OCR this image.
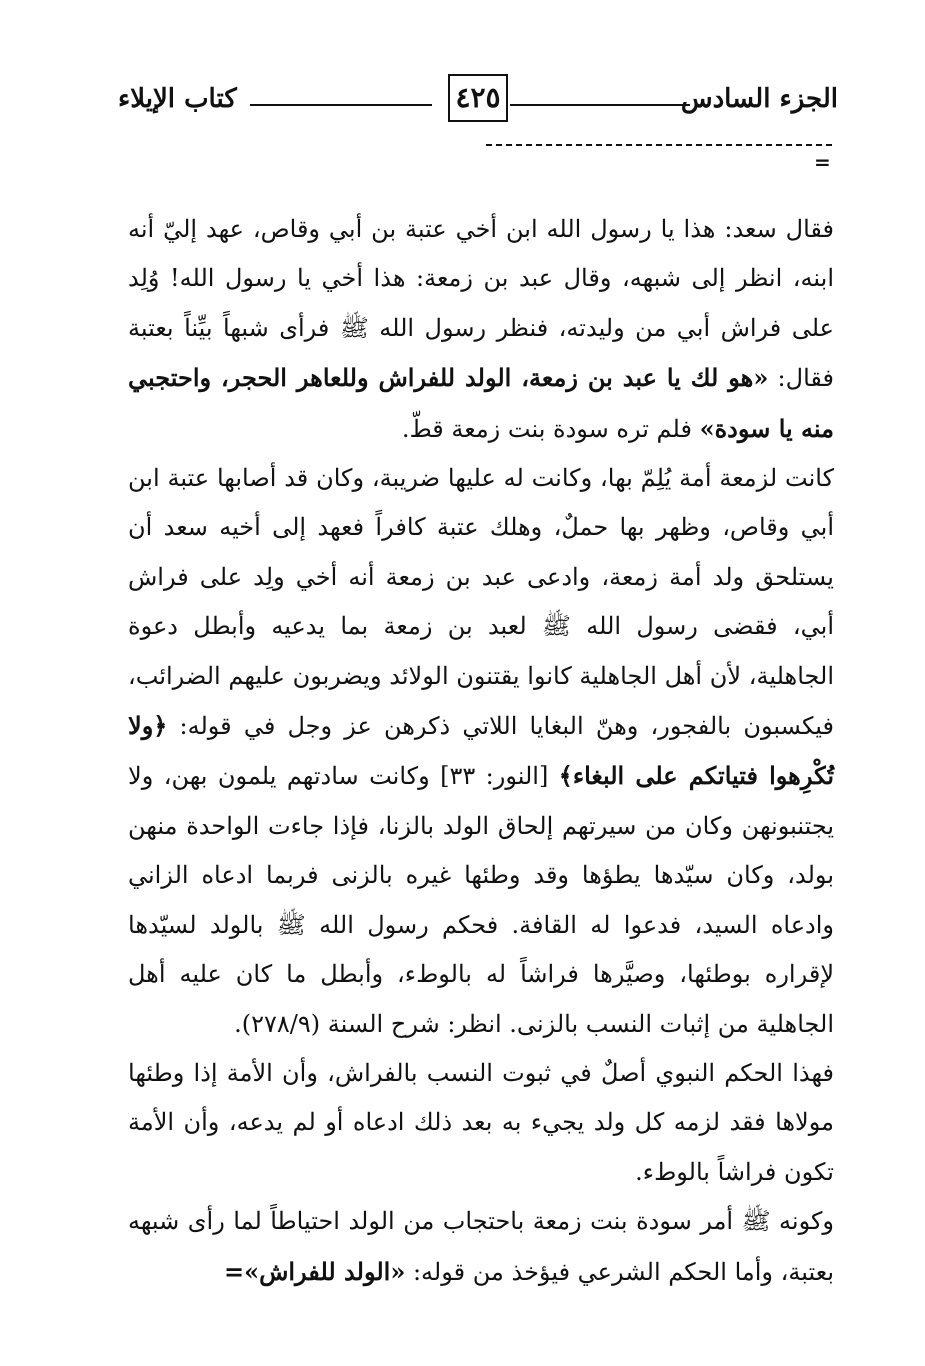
الجزء السادس
٤٢٥
كتاب الإيلاء
=

فقال سعد: هذا يا رسول الله ابن أخي عتبة بن أبي وقاص، عهد إليّ أنه ابنه، انظر إلى شبهه، وقال عبد بن زمعة: هذا أخي يا رسول الله! وُلِد على فراش أبي من وليدته، فنظر رسول الله ﷺ فرأى شبهاً بيِّناً بعتبة فقال: «هو لك يا عبد بن زمعة، الولد للفراش وللعاهر الحجر، واحتجبي منه يا سودة» فلم تره سودة بنت زمعة قطّ.

كانت لزمعة أمة يُلِمّ بها، وكانت له عليها ضريبة، وكان قد أصابها عتبة ابن أبي وقاص، وظهر بها حملٌ، وهلك عتبة كافراً فعهد إلى أخيه سعد أن يستلحق ولد أمة زمعة، وادعى عبد بن زمعة أنه أخي ولِد على فراش أبي، فقضى رسول الله ﷺ لعبد بن زمعة بما يدعيه وأبطل دعوة الجاهلية، لأن أهل الجاهلية كانوا يقتنون الولائد ويضربون عليهم الضرائب، فيكسبون بالفجور، وهنّ البغايا اللاتي ذكرهن عز وجل في قوله: ﴿ولا تُكْرِهوا فتياتكم على البغاء﴾ [النور: ٣٣] وكانت سادتهم يلمون بهن، ولا يجتنبونهن وكان من سيرتهم إلحاق الولد بالزنا، فإذا جاءت الواحدة منهن بولد، وكان سيّدها يطؤها وقد وطئها غيره بالزنى فربما ادعاه الزاني وادعاه السيد، فدعوا له القافة. فحكم رسول الله ﷺ بالولد لسيّدها لإقراره بوطئها، وصيَّرها فراشاً له بالوطء، وأبطل ما كان عليه أهل الجاهلية من إثبات النسب بالزنى. انظر: شرح السنة (٢٧٨/٩).

فهذا الحكم النبوي أصلٌ في ثبوت النسب بالفراش، وأن الأمة إذا وطئها مولاها فقد لزمه كل ولد يجيء به بعد ذلك ادعاه أو لم يدعه، وأن الأمة تكون فراشاً بالوطء.

وكونه ﷺ أمر سودة بنت زمعة باحتجاب من الولد احتياطاً لما رأى شبهه بعتبة، وأما الحكم الشرعي فيؤخذ من قوله: «الولد للفراش»=
